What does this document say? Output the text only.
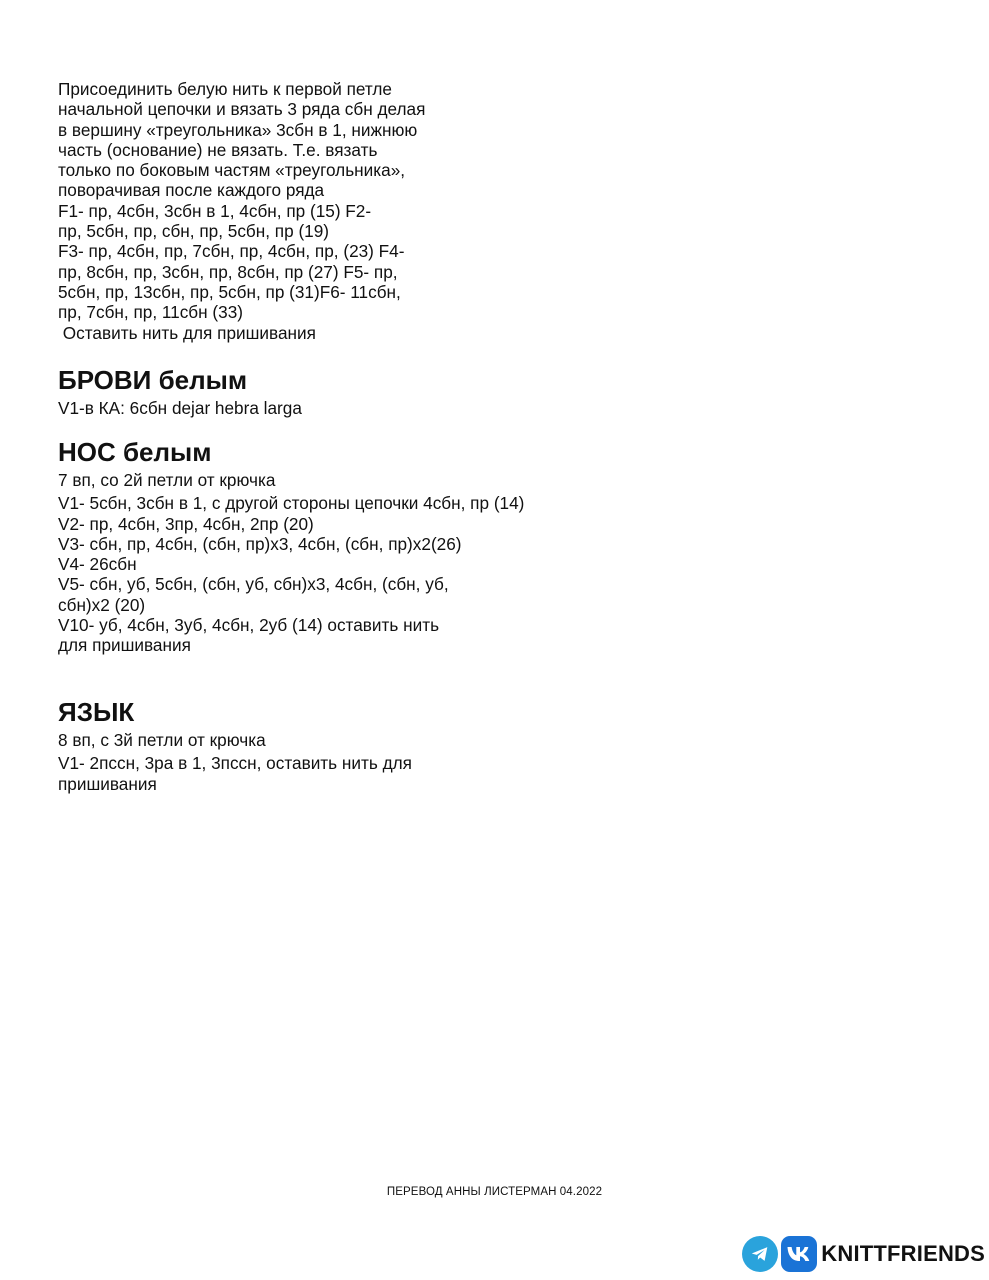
Присоединить белую нить к первой петле
начальной цепочки и вязать 3 ряда сбн делая
в вершину «треугольника» 3сбн в 1, нижнюю
часть (основание) не вязать. Т.е. вязать
только по боковым частям «треугольника»,
поворачивая после каждого ряда
F1- пр, 4сбн, 3сбн в 1, 4сбн, пр (15) F2-
пр, 5сбн, пр, сбн, пр, 5сбн, пр (19)
F3- пр, 4сбн, пр, 7сбн, пр, 4сбн, пр, (23) F4-
пр, 8сбн, пр, 3сбн, пр, 8сбн, пр (27) F5- пр,
5сбн, пр, 13сбн, пр, 5сбн, пр (31)F6- 11сбн,
пр, 7сбн, пр, 11сбн (33)
Оставить нить для пришивания
БРОВИ белым
V1-в КА: 6сбн dejar hebra larga
НОС белым
7 вп, со 2й петли от крючка
V1- 5сбн, 3сбн в 1, с другой стороны цепочки 4сбн, пр (14)
V2- пр, 4сбн, 3пр, 4сбн, 2пр (20)
V3- сбн, пр, 4сбн, (сбн, пр)х3, 4сбн, (сбн, пр)х2(26)
V4- 26сбн
V5- сбн, уб, 5сбн, (сбн, уб, сбн)х3, 4сбн, (сбн, уб,
сбн)х2 (20)
V10- уб, 4сбн, 3уб, 4сбн, 2уб (14) оставить нить
для пришивания
ЯЗЫК
8 вп, с 3й петли от крючка
V1- 2пссн, 3ра в 1, 3пссн, оставить нить для
пришивания
ПЕРЕВОД АННЫ ЛИСТЕРМАН 04.2022
KNITTFRIENDS
